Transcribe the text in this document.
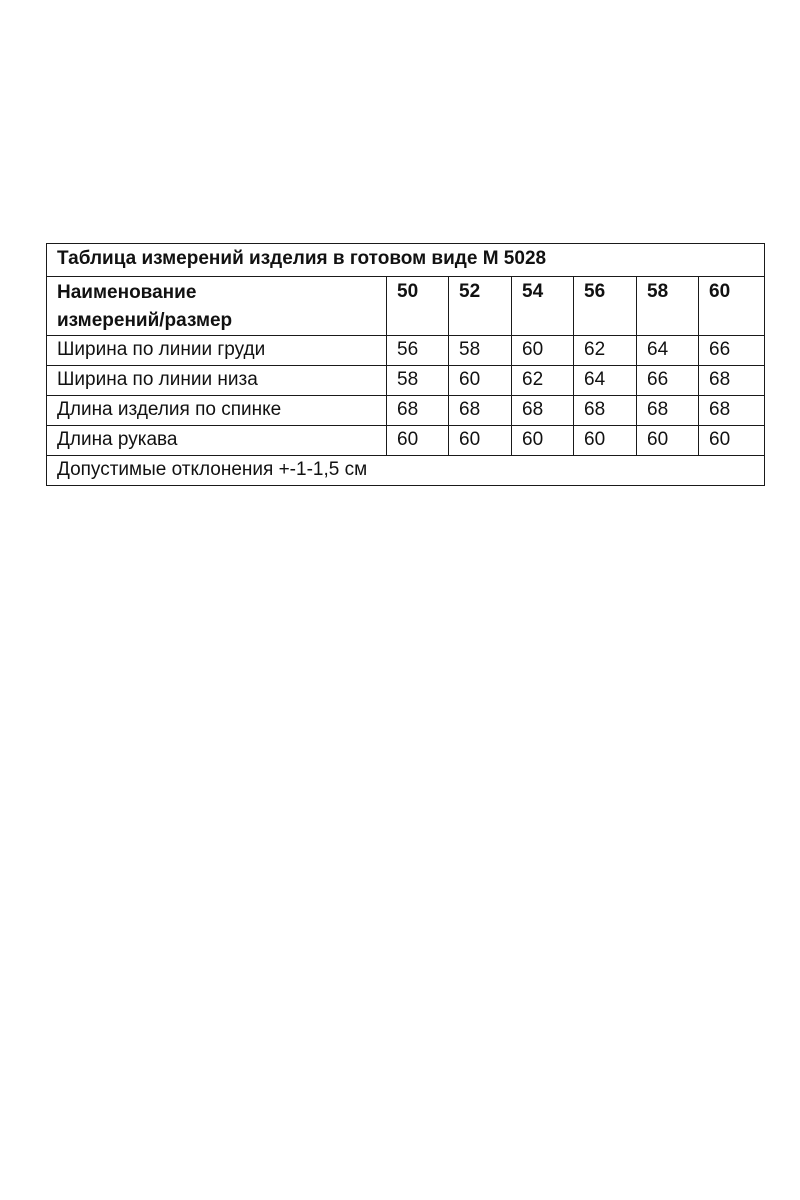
Таблица измерений изделия в готовом виде М 5028						

Наименование
измерений/размер	50	52	54	56	58	60
Ширина по линии груди	56	58	60	62	64	66
Ширина по линии низа	58	60	62	64	66	68
Длина изделия по спинке	68	68	68	68	68	68
Длина рукава	60	60	60	60	60	60
Допустимые отклонения +-1-1,5 см						
